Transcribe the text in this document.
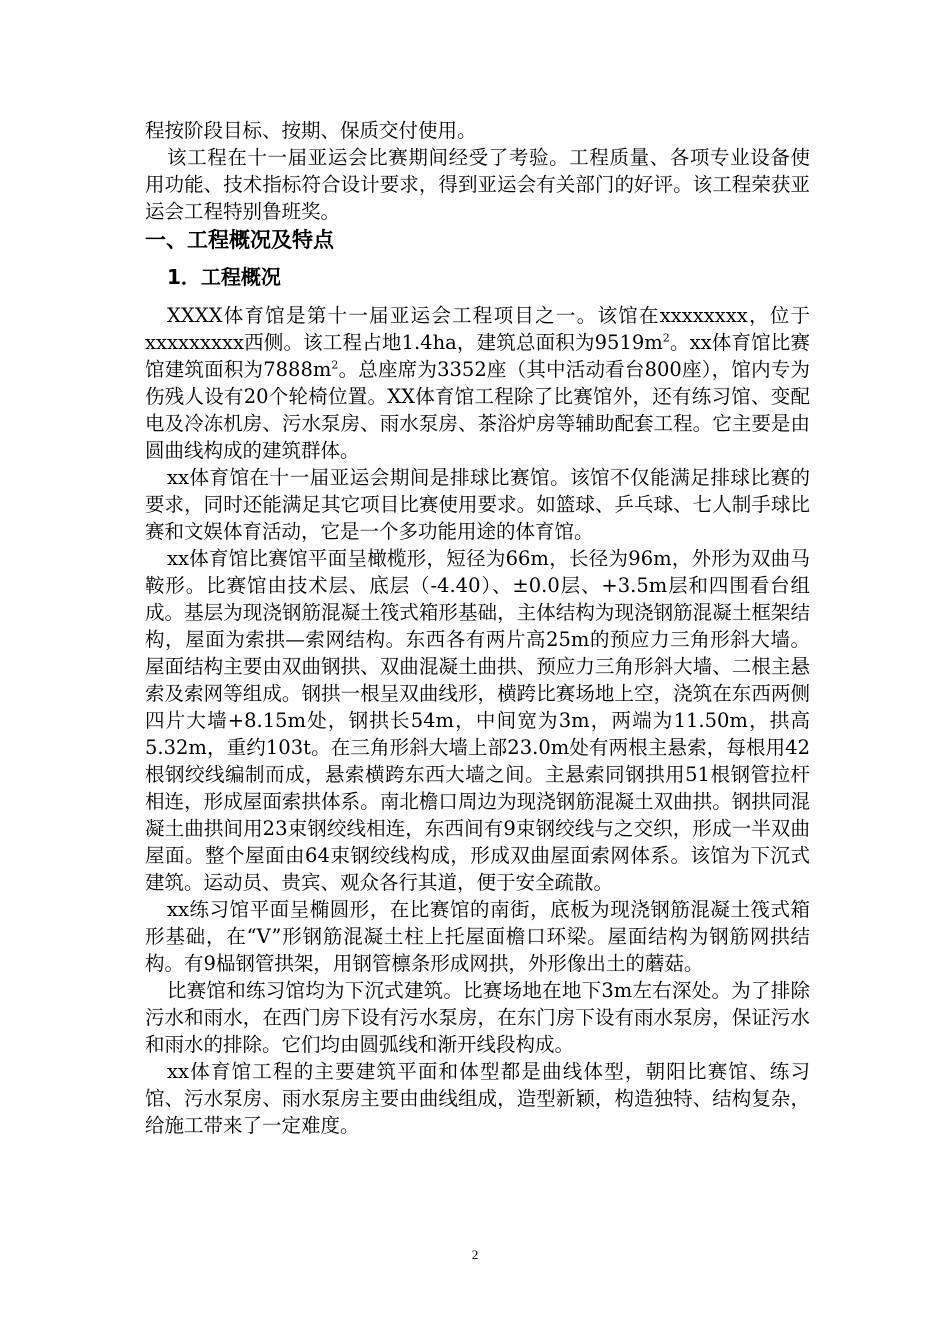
程按阶段目标、按期、保质交付使用。

该工程在十一届亚运会比赛期间经受了考验。工程质量、各项专业设备使用功能、技术指标符合设计要求，得到亚运会有关部门的好评。该工程荣获亚运会工程特别鲁班奖。

一、工程概况及特点
1．工程概况

XXXX体育馆是第十一届亚运会工程项目之一。该馆在xxxxxxxx，位于xxxxxxxxx西侧。该工程占地1.4ha，建筑总面积为$9519m^2$。xx体育馆比赛馆建筑面积为$7888m^2$。总座席为3352座（其中活动看台800座），馆内专为伤残人设有20个轮椅位置。XX体育馆工程除了比赛馆外，还有练习馆、变配电及冷冻机房、污水泵房、雨水泵房、茶浴炉房等辅助配套工程。它主要是由圆曲线构成的建筑群体。

xx体育馆在十一届亚运会期间是排球比赛馆。该馆不仅能满足排球比赛的要求，同时还能满足其它项目比赛使用要求。如篮球、乒乓球、七人制手球比赛和文娱体育活动，它是一个多功能用途的体育馆。

xx体育馆比赛馆平面呈橄榄形，短径为66m，长径为96m，外形为双曲马鞍形。比赛馆由技术层、底层（-4.40）、±0.0层、+3.5m层和四围看台组成。基层为现浇钢筋混凝土筏式箱形基础，主体结构为现浇钢筋混凝土框架结构，屋面为索拱—索网结构。东西各有两片高25m的预应力三角形斜大墙。屋面结构主要由双曲钢拱、双曲混凝土曲拱、预应力三角形斜大墙、二根主悬索及索网等组成。钢拱一根呈双曲线形，横跨比赛场地上空，浇筑在东西两侧四片大墙+8.15m处，钢拱长54m，中间宽为3m，两端为11.50m，拱高5.32m，重约103t。在三角形斜大墙上部23.0m处有两根主悬索，每根用42根钢绞线编制而成，悬索横跨东西大墙之间。主悬索同钢拱用51根钢管拉杆相连，形成屋面索拱体系。南北檐口周边为现浇钢筋混凝土双曲拱。钢拱同混凝土曲拱间用23束钢绞线相连，东西间有9束钢绞线与之交织，形成一半双曲屋面。整个屋面由64束钢绞线构成，形成双曲屋面索网体系。该馆为下沉式建筑。运动员、贵宾、观众各行其道，便于安全疏散。

xx练习馆平面呈椭圆形，在比赛馆的南街，底板为现浇钢筋混凝土筏式箱形基础，在“V”形钢筋混凝土柱上托屋面檐口环梁。屋面结构为钢筋网拱结构。有9榀钢管拱架，用钢管檩条形成网拱，外形像出土的蘑菇。

比赛馆和练习馆均为下沉式建筑。比赛场地在地下3m左右深处。为了排除污水和雨水，在西门房下设有污水泵房，在东门房下设有雨水泵房，保证污水和雨水的排除。它们均由圆弧线和渐开线段构成。

xx体育馆工程的主要建筑平面和体型都是曲线体型，朝阳比赛馆、练习馆、污水泵房、雨水泵房主要由曲线组成，造型新颖，构造独特、结构复杂，给施工带来了一定难度。

2
